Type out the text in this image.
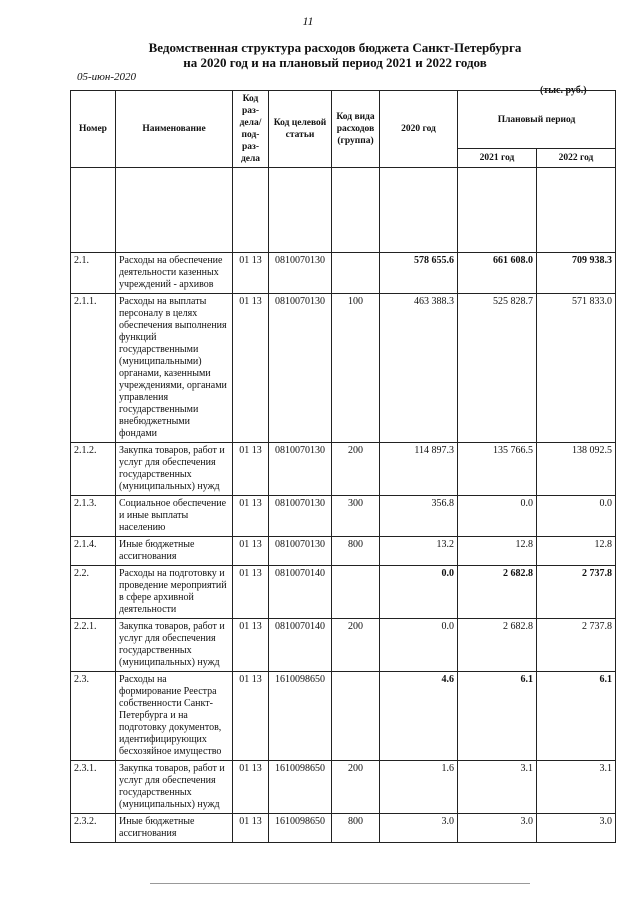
11
Ведомственная структура расходов бюджета Санкт-Петербурга
на 2020 год и на плановый период 2021 и 2022 годов
05-июн-2020
(тыс. руб.)
Номер	Наименование	Код раз- дела/ под- раз- дела	Код целевой статьи	Код вида расходов (группа)	2020 год	Плановый период	
						2021 год	2022 год

2.1.	Расходы на обеспечение деятельности казенных учреждений - архивов	01 13	0810070130		578 655.6	661 608.0	709 938.3
2.1.1.	Расходы на выплаты персоналу в целях обеспечения выполнения функций государственными (муниципальными) органами, казенными учреждениями, органами управления государственными внебюджетными фондами	01 13	0810070130	100	463 388.3	525 828.7	571 833.0
2.1.2.	Закупка товаров, работ и услуг для обеспечения государственных (муниципальных) нужд	01 13	0810070130	200	114 897.3	135 766.5	138 092.5
2.1.3.	Социальное обеспечение и иные выплаты населению	01 13	0810070130	300	356.8	0.0	0.0
2.1.4.	Иные бюджетные ассигнования	01 13	0810070130	800	13.2	12.8	12.8
2.2.	Расходы на подготовку и проведение мероприятий в сфере архивной деятельности	01 13	0810070140		0.0	2 682.8	2 737.8
2.2.1.	Закупка товаров, работ и услуг для обеспечения государственных (муниципальных) нужд	01 13	0810070140	200	0.0	2 682.8	2 737.8
2.3.	Расходы на формирование Реестра собственности Санкт-Петербурга и на подготовку документов, идентифицирующих бесхозяйное имущество	01 13	1610098650		4.6	6.1	6.1
2.3.1.	Закупка товаров, работ и услуг для обеспечения государственных (муниципальных) нужд	01 13	1610098650	200	1.6	3.1	3.1
2.3.2.	Иные бюджетные ассигнования	01 13	1610098650	800	3.0	3.0	3.0
